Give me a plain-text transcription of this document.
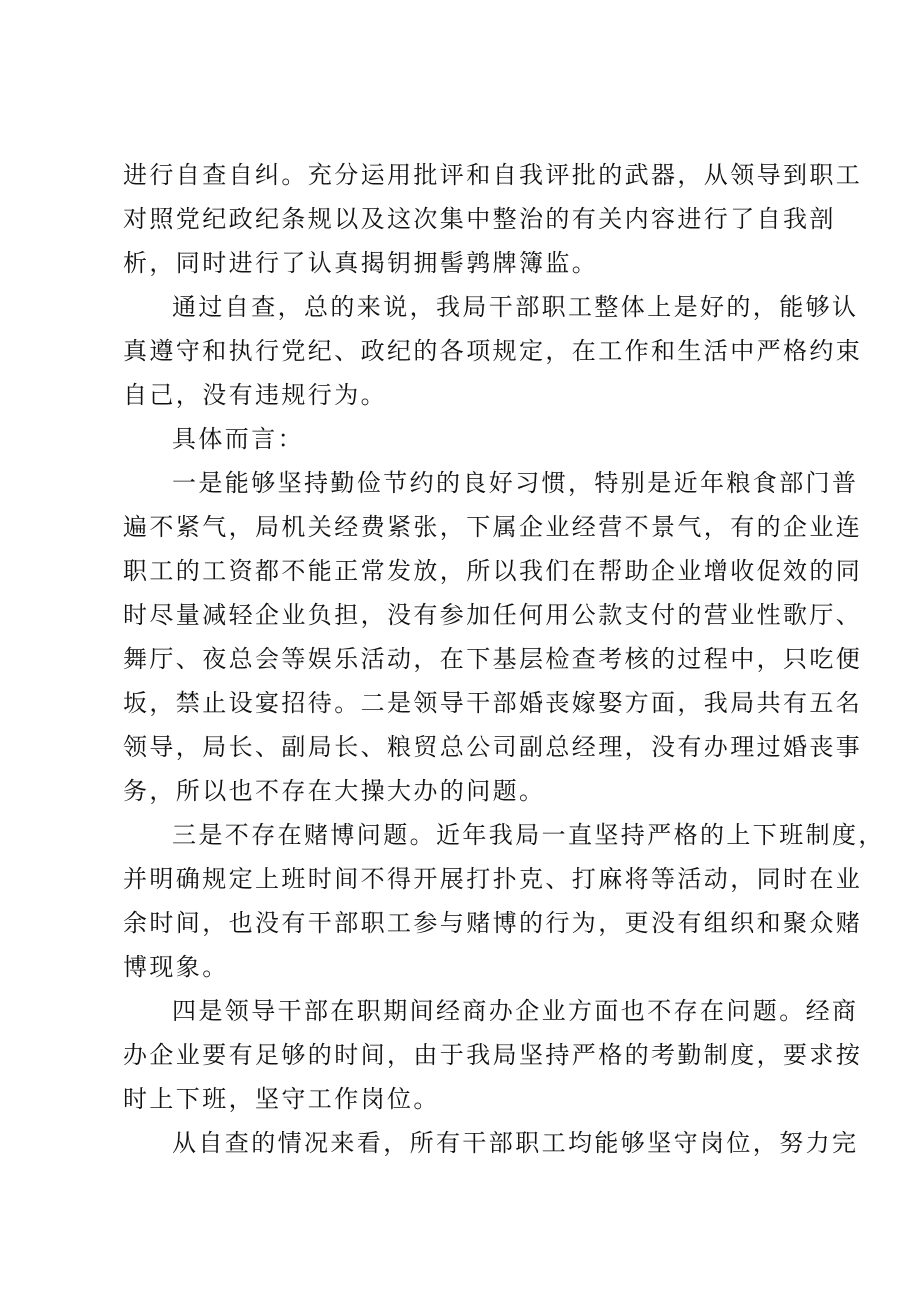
进行自查自纠。充分运用批评和自我评批的武器，从领导到职工
对照党纪政纪条规以及这次集中整治的有关内容进行了自我剖
析，同时进行了认真揭钥拥髻鹑牌簿监。
通过自查，总的来说，我局干部职工整体上是好的，能够认
真遵守和执行党纪、政纪的各项规定，在工作和生活中严格约束
自己，没有违规行为。
具体而言：
一是能够坚持勤俭节约的良好习惯，特别是近年粮食部门普
遍不紧气，局机关经费紧张，下属企业经营不景气，有的企业连
职工的工资都不能正常发放，所以我们在帮助企业增收促效的同
时尽量减轻企业负担，没有参加任何用公款支付的营业性歌厅、
舞厅、夜总会等娱乐活动，在下基层检查考核的过程中，只吃便
坂，禁止设宴招待。二是领导干部婚丧嫁娶方面，我局共有五名
领导，局长、副局长、粮贸总公司副总经理，没有办理过婚丧事
务，所以也不存在大操大办的问题。
三是不存在赌博问题。近年我局一直坚持严格的上下班制度，
并明确规定上班时间不得开展打扑克、打麻将等活动，同时在业
余时间，也没有干部职工参与赌博的行为，更没有组织和聚众赌
博现象。
四是领导干部在职期间经商办企业方面也不存在问题。经商
办企业要有足够的时间，由于我局坚持严格的考勤制度，要求按
时上下班，坚守工作岗位。
从自查的情况来看，所有干部职工均能够坚守岗位，努力完
